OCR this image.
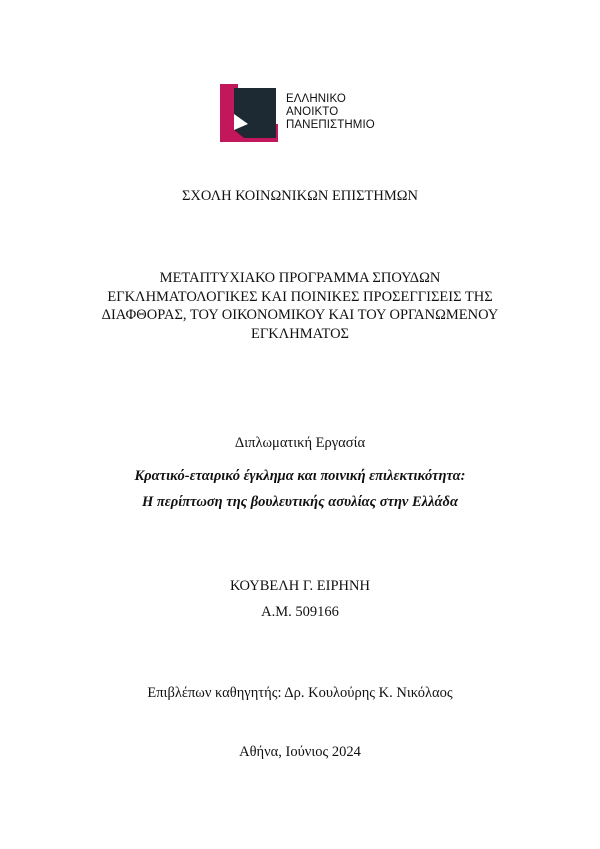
ΕΛΛΗΝΙΚΟ
ΑΝΟΙΚΤΟ
ΠΑΝΕΠΙΣΤΗΜΙΟ
ΣΧΟΛΗ ΚΟΙΝΩΝΙΚΩΝ ΕΠΙΣΤΗΜΩΝ
ΜΕΤΑΠΤΥΧΙΑΚΟ ΠΡΟΓΡΑΜΜΑ ΣΠΟΥΔΩΝ
ΕΓΚΛΗΜΑΤΟΛΟΓΙΚΕΣ ΚΑΙ ΠΟΙΝΙΚΕΣ ΠΡΟΣΕΓΓΙΣΕΙΣ ΤΗΣ
ΔΙΑΦΘΟΡΑΣ, ΤΟΥ ΟΙΚΟΝΟΜΙΚΟΥ ΚΑΙ ΤΟΥ ΟΡΓΑΝΩΜΕΝΟΥ
ΕΓΚΛΗΜΑΤΟΣ
Διπλωματική Εργασία
Κρατικό-εταιρικό έγκλημα και ποινική επιλεκτικότητα:
Η περίπτωση της βουλευτικής ασυλίας στην Ελλάδα
ΚΟΥΒΕΛΗ Γ. ΕΙΡΗΝΗ
Α.Μ. 509166
Επιβλέπων καθηγητής: Δρ. Κουλούρης Κ. Νικόλαος
Αθήνα, Ιούνιος 2024
